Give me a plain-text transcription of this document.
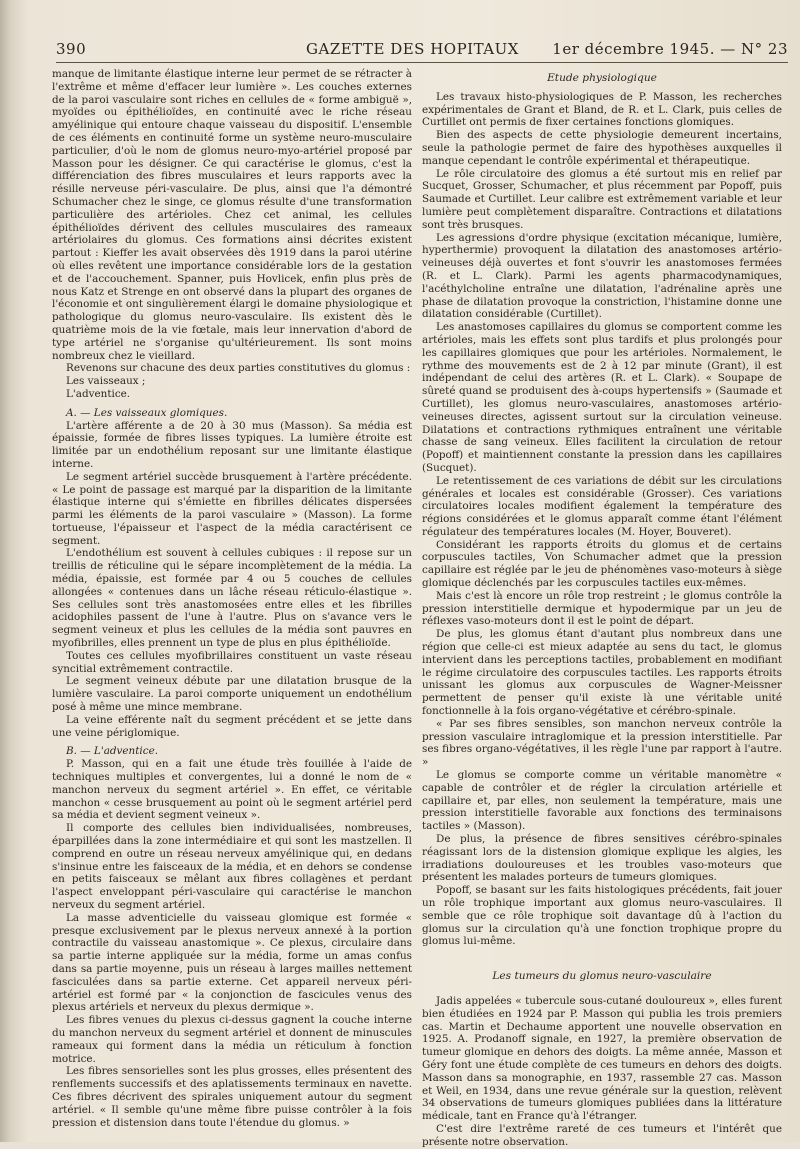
390	GAZETTE DES HOPITAUX 1er décembre 1945. — N° 23

manque de limitante élastique interne leur permet de se rétracter à l'extrême et même d'effacer leur lumière ». Les couches externes de la paroi vasculaire sont riches en cellules de « forme ambiguë », myoïdes ou épithélioïdes, en continuité avec le riche réseau amyélinique qui entoure chaque vaisseau du dispositif. L'ensemble de ces éléments en continuité forme un système neuro-musculaire particulier, d'où le nom de glomus neuro-myo-artériel proposé par Masson pour les désigner. Ce qui caractérise le glomus, c'est la différenciation des fibres musculaires et leurs rapports avec la résille nerveuse péri-vasculaire. De plus, ainsi que l'a démontré Schumacher chez le singe, ce glomus résulte d'une transformation particulière des artérioles. Chez cet animal, les cellules épithélioïdes dérivent des cellules musculaires des rameaux artériolaires du glomus. Ces formations ainsi décrites existent partout : Kieffer les avait observées dès 1919 dans la paroi utérine où elles revêtent une importance considérable lors de la gestation et de l'accouchement. Spanner, puis Hovlicek, enfin plus près de nous Katz et Strenge en ont observé dans la plupart des organes de l'économie et ont singulièrement élargi le domaine physiologique et pathologique du glomus neuro-vasculaire. Ils existent dès le quatrième mois de la vie fœtale, mais leur innervation d'abord de type artériel ne s'organise qu'ultérieurement. Ils sont moins nombreux chez le vieillard.

Revenons sur chacune des deux parties constitutives du glomus :

Les vaisseaux ;

L'adventice.

A. — Les vaisseaux glomiques.

L'artère afférente a de 20 à 30 mus (Masson). Sa média est épaissie, formée de fibres lisses typiques. La lumière étroite est limitée par un endothélium reposant sur une limitante élastique interne.

Le segment artériel succède brusquement à l'artère précédente. « Le point de passage est marqué par la disparition de la limitante élastique interne qui s'émiette en fibrilles délicates dispersées parmi les éléments de la paroi vasculaire » (Masson). La forme tortueuse, l'épaisseur et l'aspect de la média caractérisent ce segment.

L'endothélium est souvent à cellules cubiques : il repose sur un treillis de réticuline qui le sépare incomplètement de la média. La média, épaissie, est formée par 4 ou 5 couches de cellules allongées « contenues dans un lâche réseau réticulo-élastique ». Ses cellules sont très anastomosées entre elles et les fibrilles acidophiles passent de l'une à l'autre. Plus on s'avance vers le segment veineux et plus les cellules de la média sont pauvres en myofibrilles, elles prennent un type de plus en plus épithélioïde.

Toutes ces cellules myofibrillaires constituent un vaste réseau syncitial extrêmement contractile.

Le segment veineux débute par une dilatation brusque de la lumière vasculaire. La paroi comporte uniquement un endothélium posé à même une mince membrane.

La veine efférente naît du segment précédent et se jette dans une veine périglomique.

B. — L'adventice.

P. Masson, qui en a fait une étude très fouillée à l'aide de techniques multiples et convergentes, lui a donné le nom de « manchon nerveux du segment artériel ». En effet, ce véritable manchon « cesse brusquement au point où le segment artériel perd sa média et devient segment veineux ».

Il comporte des cellules bien individualisées, nombreuses, éparpillées dans la zone intermédiaire et qui sont les mastzellen. Il comprend en outre un réseau nerveux amyélinique qui, en dedans s'insinue entre les faisceaux de la média, et en dehors se condense en petits faisceaux se mêlant aux fibres collagènes et perdant l'aspect enveloppant péri-vasculaire qui caractérise le manchon nerveux du segment artériel.

La masse adventicielle du vaisseau glomique est formée « presque exclusivement par le plexus nerveux annexé à la portion contractile du vaisseau anastomique ». Ce plexus, circulaire dans sa partie interne appliquée sur la média, forme un amas confus dans sa partie moyenne, puis un réseau à larges mailles nettement fasciculées dans sa partie externe. Cet appareil nerveux péri-artériel est formé par « la conjonction de fascicules venus des plexus artériels et nerveux du plexus dermique ».

Les fibres venues du plexus ci-dessus gagnent la couche interne du manchon nerveux du segment artériel et donnent de minuscules rameaux qui forment dans la média un réticulum à fonction motrice.

Les fibres sensorielles sont les plus grosses, elles présentent des renflements successifs et des aplatissements terminaux en navette. Ces fibres décrivent des spirales uniquement autour du segment artériel. « Il semble qu'une même fibre puisse contrôler à la fois pression et distension dans toute l'étendue du glomus. »

Etude physiologique

Les travaux histo-physiologiques de P. Masson, les recherches expérimentales de Grant et Bland, de R. et L. Clark, puis celles de Curtillet ont permis de fixer certaines fonctions glomiques.

Bien des aspects de cette physiologie demeurent incertains, seule la pathologie permet de faire des hypothèses auxquelles il manque cependant le contrôle expérimental et thérapeutique.

Le rôle circulatoire des glomus a été surtout mis en relief par Sucquet, Grosser, Schumacher, et plus récemment par Popoff, puis Saumade et Curtillet. Leur calibre est extrêmement variable et leur lumière peut complètement disparaître. Contractions et dilatations sont très brusques.

Les agressions d'ordre physique (excitation mécanique, lumière, hyperthermie) provoquent la dilatation des anastomoses artério-veineuses déjà ouvertes et font s'ouvrir les anastomoses fermées (R. et L. Clark). Parmi les agents pharmacodynamiques, l'acéthylcholine entraîne une dilatation, l'adrénaline après une phase de dilatation provoque la constriction, l'histamine donne une dilatation considérable (Curtillet).

Les anastomoses capillaires du glomus se comportent comme les artérioles, mais les effets sont plus tardifs et plus prolongés pour les capillaires glomiques que pour les artérioles. Normalement, le rythme des mouvements est de 2 à 12 par minute (Grant), il est indépendant de celui des artères (R. et L. Clark). « Soupape de sûreté quand se produisent des à-coups hypertensifs » (Saumade et Curtillet), les glomus neuro-vasculaires, anastomoses artério-veineuses directes, agissent surtout sur la circulation veineuse. Dilatations et contractions rythmiques entraînent une véritable chasse de sang veineux. Elles facilitent la circulation de retour (Popoff) et maintiennent constante la pression dans les capillaires (Sucquet).

Le retentissement de ces variations de débit sur les circulations générales et locales est considérable (Grosser). Ces variations circulatoires locales modifient également la température des régions considérées et le glomus apparaît comme étant l'élément régulateur des températures locales (M. Hoyer, Bouveret).

Considérant les rapports étroits du glomus et de certains corpuscules tactiles, Von Schumacher admet que la pression capillaire est réglée par le jeu de phénomènes vaso-moteurs à siège glomique déclenchés par les corpuscules tactiles eux-mêmes.

Mais c'est là encore un rôle trop restreint ; le glomus contrôle la pression interstitielle dermique et hypodermique par un jeu de réflexes vaso-moteurs dont il est le point de départ.

De plus, les glomus étant d'autant plus nombreux dans une région que celle-ci est mieux adaptée au sens du tact, le glomus intervient dans les perceptions tactiles, probablement en modifiant le régime circulatoire des corpuscules tactiles. Les rapports étroits unissant les glomus aux corpuscules de Wagner-Meissner permettent de penser qu'il existe là une véritable unité fonctionnelle à la fois organo-végétative et cérébro-spinale.

« Par ses fibres sensibles, son manchon nerveux contrôle la pression vasculaire intraglomique et la pression interstitielle. Par ses fibres organo-végétatives, il les règle l'une par rapport à l'autre. »

Le glomus se comporte comme un véritable manomètre « capable de contrôler et de régler la circulation artérielle et capillaire et, par elles, non seulement la température, mais une pression interstitielle favorable aux fonctions des terminaisons tactiles » (Masson).

De plus, la présence de fibres sensitives cérébro-spinales réagissant lors de la distension glomique explique les algies, les irradiations douloureuses et les troubles vaso-moteurs que présentent les malades porteurs de tumeurs glomiques.

Popoff, se basant sur les faits histologiques précédents, fait jouer un rôle trophique important aux glomus neuro-vasculaires. Il semble que ce rôle trophique soit davantage dû à l'action du glomus sur la circulation qu'à une fonction trophique propre du glomus lui-même.

Les tumeurs du glomus neuro-vasculaire

Jadis appelées « tubercule sous-cutané douloureux », elles furent bien étudiées en 1924 par P. Masson qui publia les trois premiers cas. Martin et Dechaume apportent une nouvelle observation en 1925. A. Prodanoff signale, en 1927, la première observation de tumeur glomique en dehors des doigts. La même année, Masson et Géry font une étude complète de ces tumeurs en dehors des doigts. Masson dans sa monographie, en 1937, rassemble 27 cas. Masson et Weil, en 1934, dans une revue générale sur la question, relèvent 34 observations de tumeurs glomiques publiées dans la littérature médicale, tant en France qu'à l'étranger.

C'est dire l'extrême rareté de ces tumeurs et l'intérêt que présente notre observation.
